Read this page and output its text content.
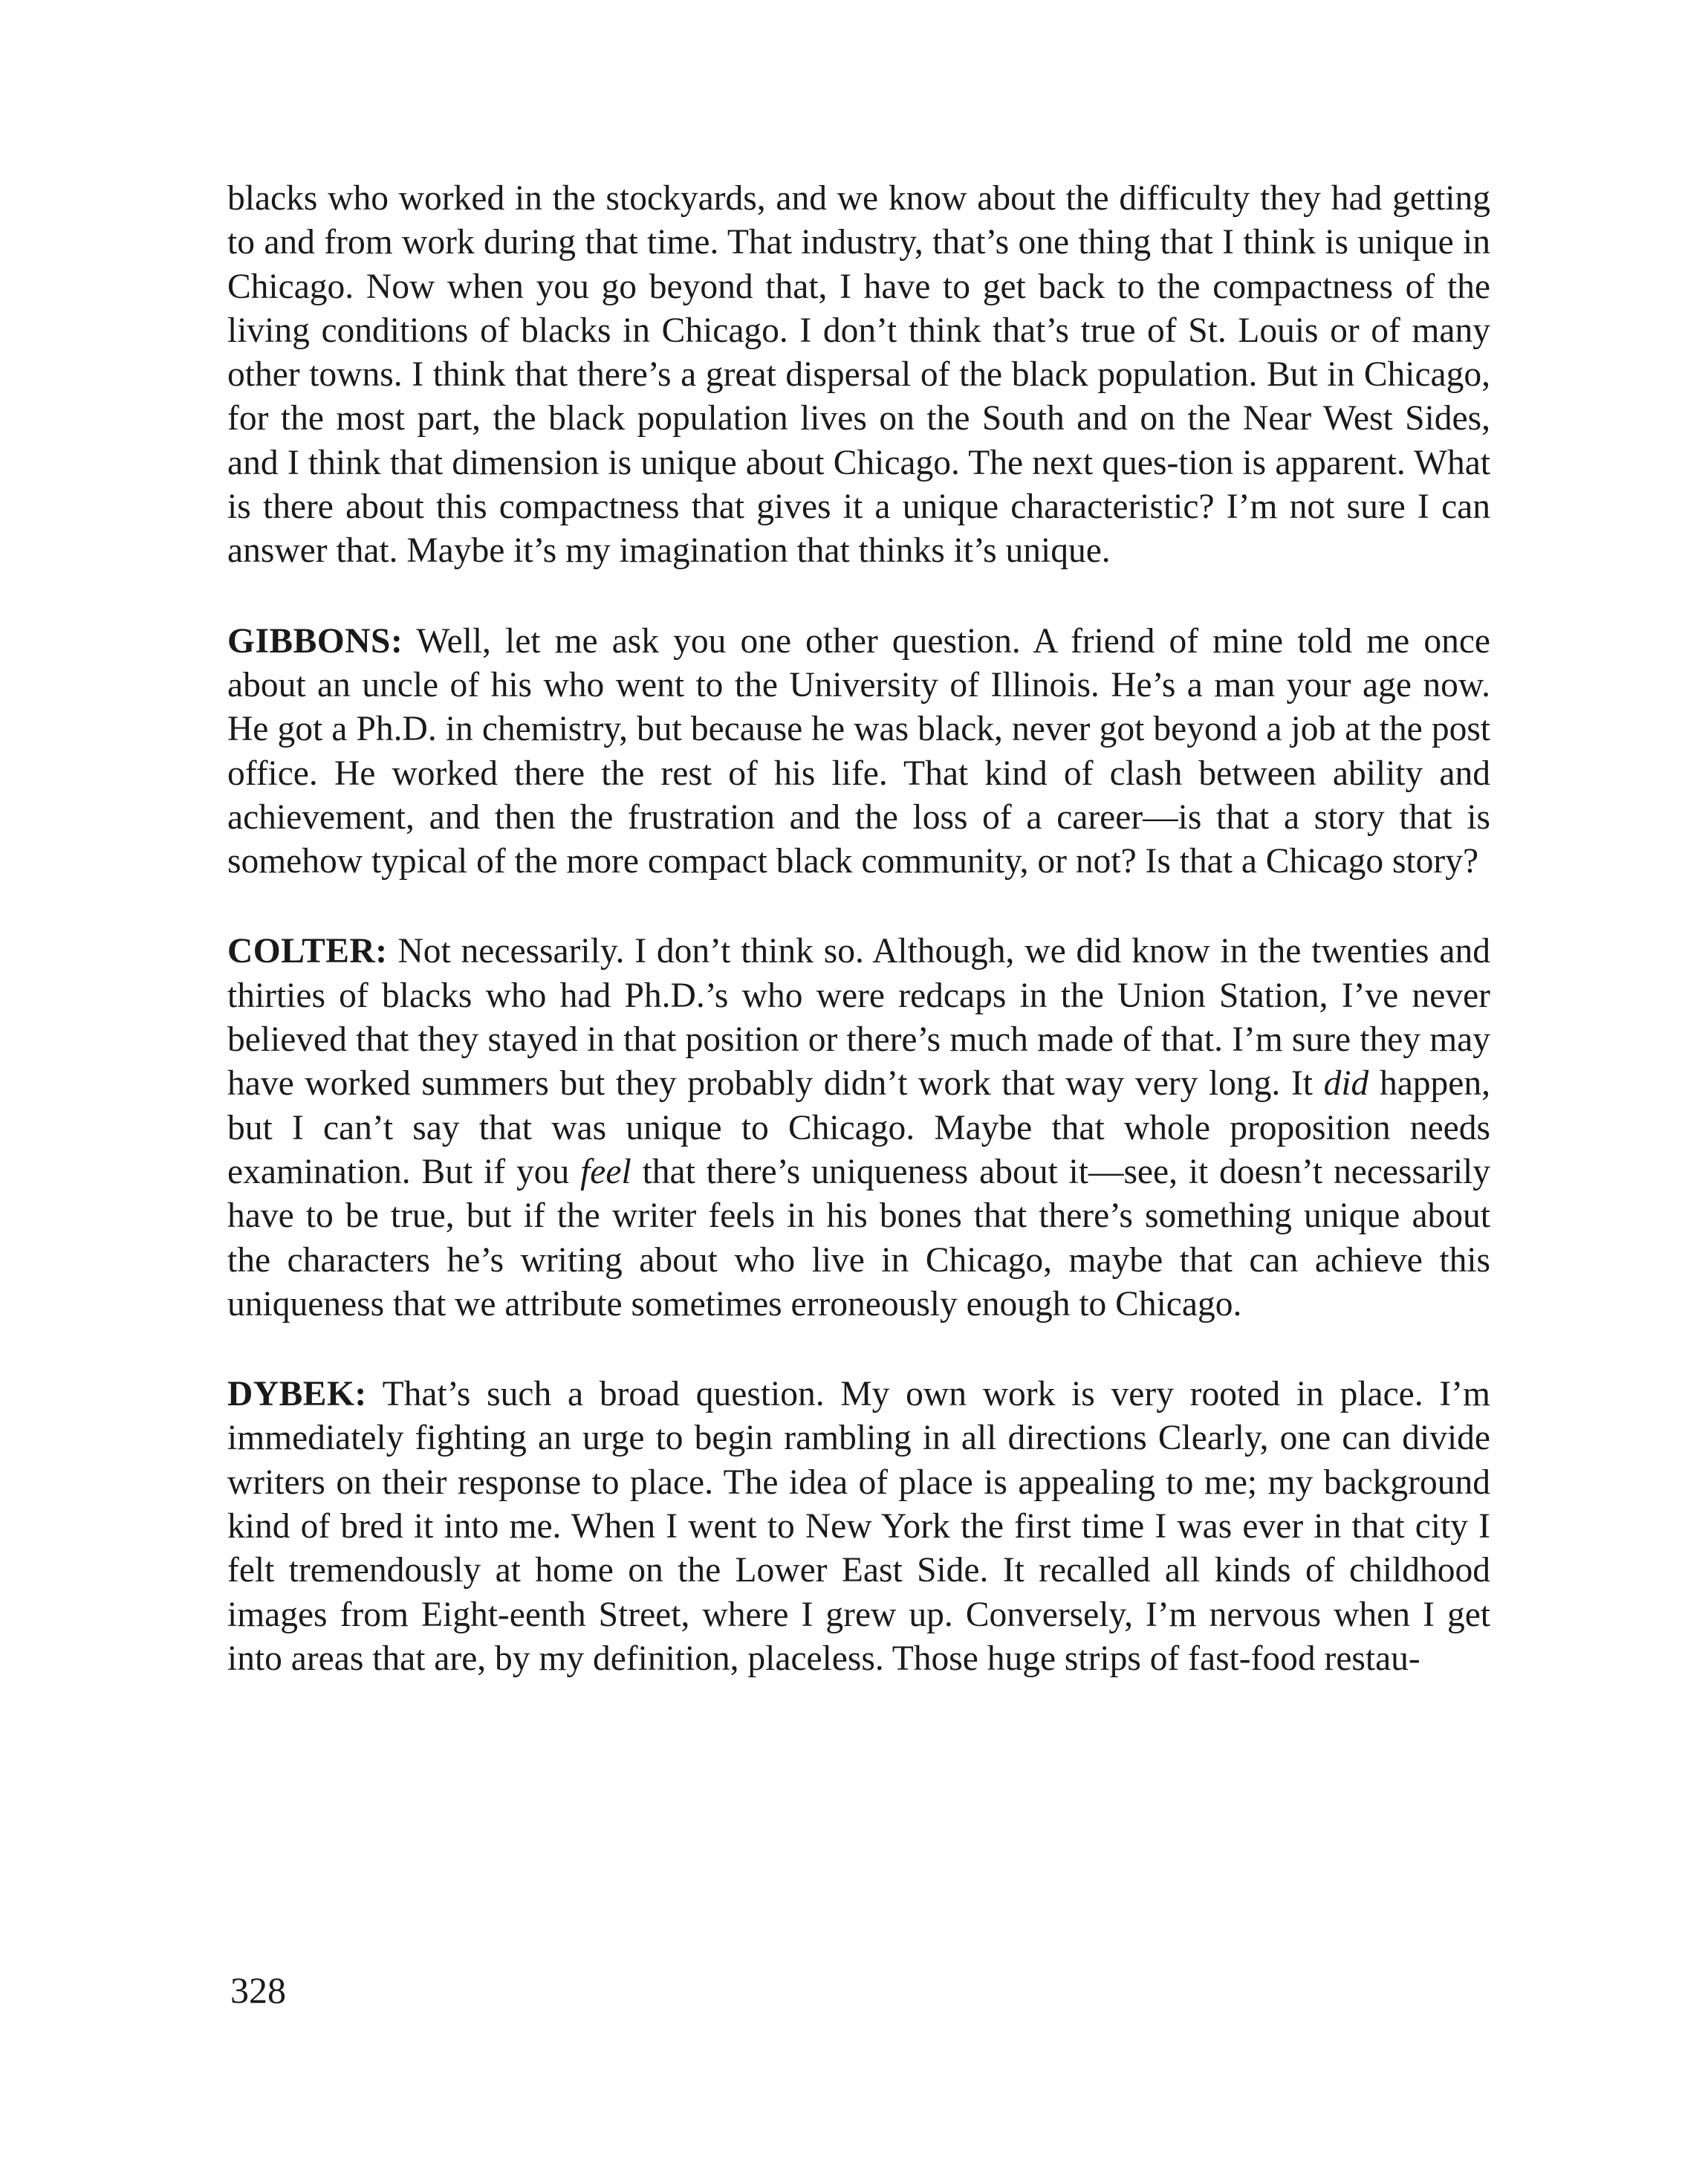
blacks who worked in the stockyards, and we know about the difficulty they had getting to and from work during that time. That industry, that’s one thing that I think is unique in Chicago. Now when you go beyond that, I have to get back to the compactness of the living conditions of blacks in Chicago. I don’t think that’s true of St. Louis or of many other towns. I think that there’s a great dispersal of the black population. But in Chicago, for the most part, the black population lives on the South and on the Near West Sides, and I think that dimension is unique about Chicago. The next ques-tion is apparent. What is there about this compactness that gives it a unique characteristic? I’m not sure I can answer that. Maybe it’s my imagination that thinks it’s unique.

GIBBONS: Well, let me ask you one other question. A friend of mine told me once about an uncle of his who went to the University of Illinois. He’s a man your age now. He got a Ph.D. in chemistry, but because he was black, never got beyond a job at the post office. He worked there the rest of his life. That kind of clash between ability and achievement, and then the frustration and the loss of a career—is that a story that is somehow typical of the more compact black community, or not? Is that a Chicago story?

COLTER: Not necessarily. I don’t think so. Although, we did know in the twenties and thirties of blacks who had Ph.D.’s who were redcaps in the Union Station, I’ve never believed that they stayed in that position or there’s much made of that. I’m sure they may have worked summers but they probably didn’t work that way very long. It did happen, but I can’t say that was unique to Chicago. Maybe that whole proposition needs examination. But if you feel that there’s uniqueness about it—see, it doesn’t necessarily have to be true, but if the writer feels in his bones that there’s something unique about the characters he’s writing about who live in Chicago, maybe that can achieve this uniqueness that we attribute sometimes erroneously enough to Chicago.

DYBEK: That’s such a broad question. My own work is very rooted in place. I’m immediately fighting an urge to begin rambling in all directions Clearly, one can divide writers on their response to place. The idea of place is appealing to me; my background kind of bred it into me. When I went to New York the first time I was ever in that city I felt tremendously at home on the Lower East Side. It recalled all kinds of childhood images from Eight-eenth Street, where I grew up. Conversely, I’m nervous when I get into areas that are, by my definition, placeless. Those huge strips of fast-food restau-

328
